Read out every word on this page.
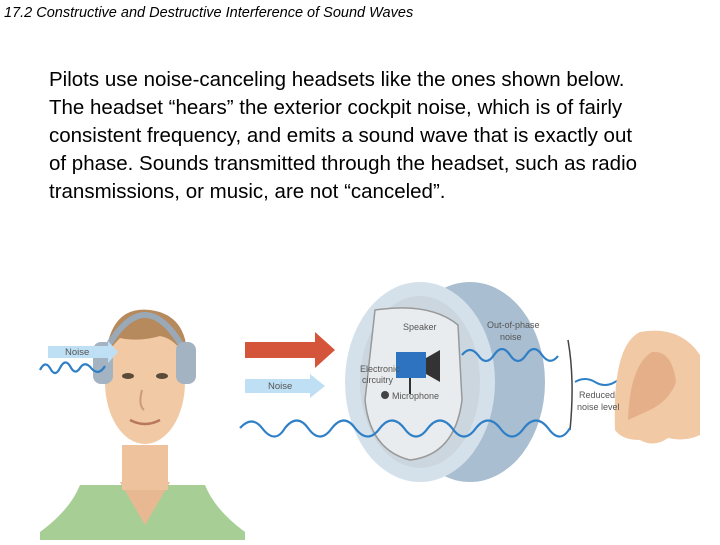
17.2 Constructive and Destructive Interference of Sound Waves
Pilots use noise-canceling headsets like the ones shown below. The headset “hears” the exterior cockpit noise, which is of fairly consistent frequency, and emits a sound wave that is exactly out of phase. Sounds transmitted through the headset, such as radio transmissions, or music, are not “canceled”.
Noise
Noise
Speaker
Electronic
circuitry
Microphone
Out-of-phase
noise
Reduced
noise level
